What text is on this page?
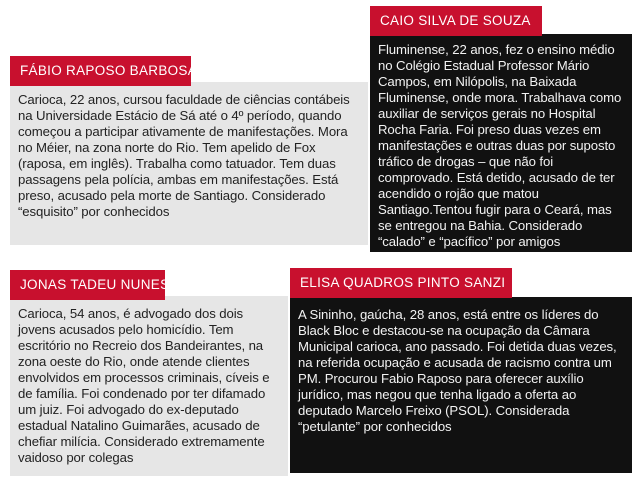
Carioca, 22 anos, cursou faculdade de ciências contábeis na Universidade Estácio de Sá até o 4º período, quando começou a participar ativamente de manifestações. Mora no Méier, na zona norte do Rio. Tem apelido de Fox (raposa, em inglês). Trabalha como tatuador. Tem duas passagens pela polícia, ambas em manifestações. Está preso, acusado pela morte de Santiago. Considerado “esquisito” por conhecidos

FÁBIO RAPOSO BARBOSA

Fluminense, 22 anos, fez o ensino médio no Colégio Estadual Professor Mário Campos, em Nilópolis, na Baixada Fluminense, onde mora. Trabalhava como auxiliar de serviços gerais no Hospital Rocha Faria. Foi preso duas vezes em manifestações e outras duas por suposto tráfico de drogas – que não foi comprovado. Está detido, acusado de ter acendido o rojão que matou Santiago.Tentou fugir para o Ceará, mas se entregou na Bahia. Considerado “calado” e “pacífico” por amigos

CAIO SILVA DE SOUZA

Carioca, 54 anos, é advogado dos dois jovens acusados pelo homicídio. Tem escritório no Recreio dos Bandeirantes, na zona oeste do Rio, onde atende clientes envolvidos em processos criminais, cíveis e de família. Foi condenado por ter difamado um juiz. Foi advogado do ex-deputado estadual Natalino Guimarães, acusado de chefiar milícia. Considerado extremamente vaidoso por colegas

JONAS TADEU NUNES

A Sininho, gaúcha, 28 anos, está entre os líderes do Black Bloc e destacou-se na ocupação da Câmara Municipal carioca, ano passado. Foi detida duas vezes, na referida ocupação e acusada de racismo contra um PM. Procurou Fabio Raposo para oferecer auxílio jurídico, mas negou que tenha ligado a oferta ao deputado Marcelo Freixo (PSOL). Considerada “petulante” por conhecidos

ELISA QUADROS PINTO SANZI
